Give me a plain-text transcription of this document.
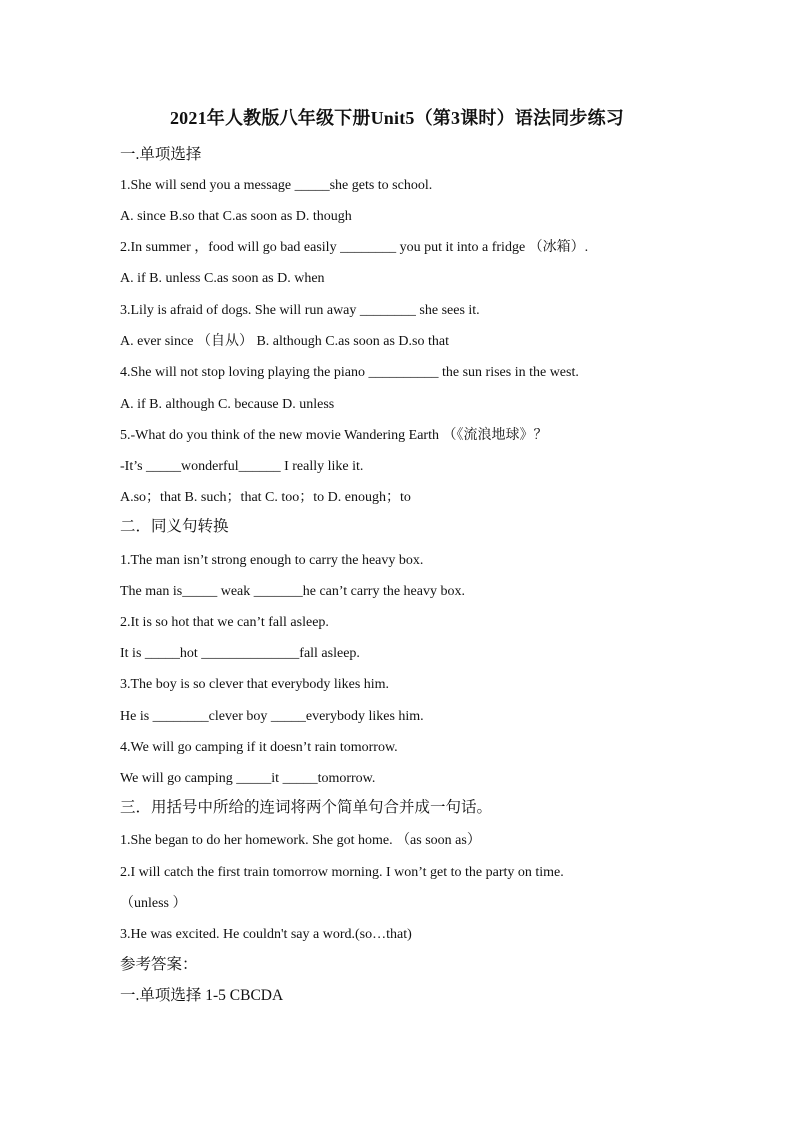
2021年人教版八年级下册Unit5（第3课时）语法同步练习
一.单项选择
1.She will send you a message _____she gets to school.
A. since B.so that C.as soon as D. though
2.In summer ，food will go bad easily ________ you put it into a fridge （冰箱）.
A. if B. unless C.as soon as D. when
3.Lily is afraid of dogs. She will run away ________ she sees it.
A. ever since （自从） B. although C.as soon as D.so that
4.She will not stop loving playing the piano __________ the sun rises in the west.
A. if B. although C. because D. unless
5.-What do you think of the new movie Wandering Earth （《流浪地球》？
-It’s _____wonderful______ I really like it.
A.so；that B. such；that C. too；to D. enough；to
二．同义句转换
1.The man isn’t strong enough to carry the heavy box.
The man is_____ weak _______he can’t carry the heavy box.
2.It is so hot that we can’t fall asleep.
It is _____hot ______________fall asleep.
3.The boy is so clever that everybody likes him.
He is ________clever boy _____everybody likes him.
4.We will go camping if it doesn’t rain tomorrow.
We will go camping _____it _____tomorrow.
三．用括号中所给的连词将两个简单句合并成一句话。
1.She began to do her homework. She got home. （as soon as）
2.I will catch the first train tomorrow morning. I won’t get to the party on time.
（unless ）
3.He was excited. He couldn't say a word.(so…that)
参考答案：
一.单项选择 1-5 CBCDA
